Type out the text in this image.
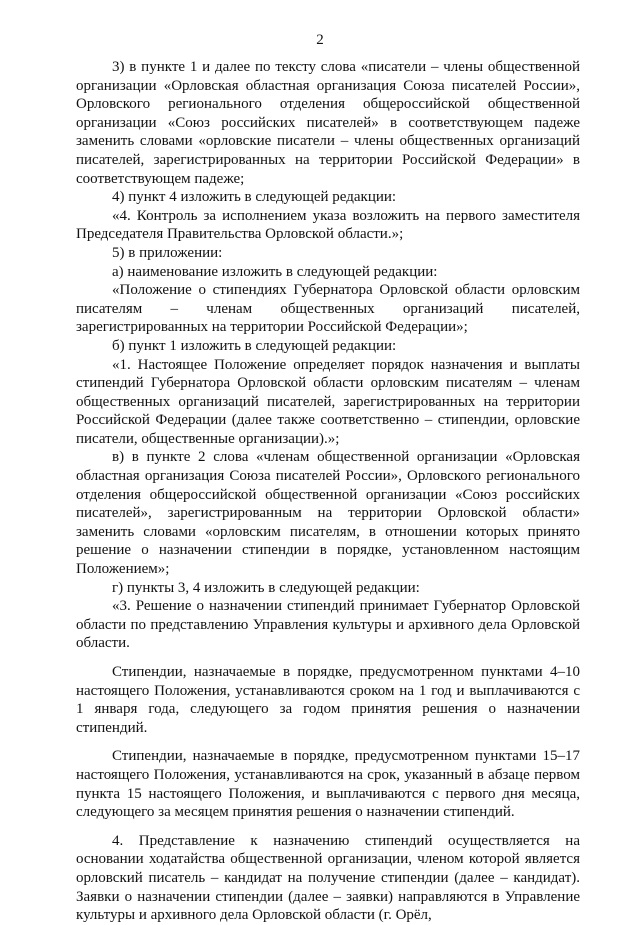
2

3) в пункте 1 и далее по тексту слова «писатели – члены общественной организации «Орловская областная организация Союза писателей России», Орловского регионального отделения общероссийской общественной организации «Союз российских писателей» в соответствующем падеже заменить словами «орловские писатели – члены общественных организаций писателей, зарегистрированных на территории Российской Федерации» в соответствующем падеже;

4) пункт 4 изложить в следующей редакции:

«4. Контроль за исполнением указа возложить на первого заместителя Председателя Правительства Орловской области.»;

5) в приложении:

а) наименование изложить в следующей редакции:

«Положение о стипендиях Губернатора Орловской области орловским писателям – членам общественных организаций писателей, зарегистрированных на территории Российской Федерации»;

б) пункт 1 изложить в следующей редакции:

«1. Настоящее Положение определяет порядок назначения и выплаты стипендий Губернатора Орловской области орловским писателям – членам общественных организаций писателей, зарегистрированных на территории Российской Федерации (далее также соответственно – стипендии, орловские писатели, общественные организации).»;

в) в пункте 2 слова «членам общественной организации «Орловская областная организация Союза писателей России», Орловского регионального отделения общероссийской общественной организации «Союз российских писателей», зарегистрированным на территории Орловской области» заменить словами «орловским писателям, в отношении которых принято решение о назначении стипендии в порядке, установленном настоящим Положением»;

г) пункты 3, 4 изложить в следующей редакции:

«3. Решение о назначении стипендий принимает Губернатор Орловской области по представлению Управления культуры и архивного дела Орловской области.

Стипендии, назначаемые в порядке, предусмотренном пунктами 4–10 настоящего Положения, устанавливаются сроком на 1 год и выплачиваются с 1 января года, следующего за годом принятия решения о назначении стипендий.

Стипендии, назначаемые в порядке, предусмотренном пунктами 15–17 настоящего Положения, устанавливаются на срок, указанный в абзаце первом пункта 15 настоящего Положения, и выплачиваются с первого дня месяца, следующего за месяцем принятия решения о назначении стипендий.

4. Представление к назначению стипендий осуществляется на основании ходатайства общественной организации, членом которой является орловский писатель – кандидат на получение стипендии (далее – кандидат). Заявки о назначении стипендии (далее – заявки) направляются в Управление культуры и архивного дела Орловской области (г. Орёл,
